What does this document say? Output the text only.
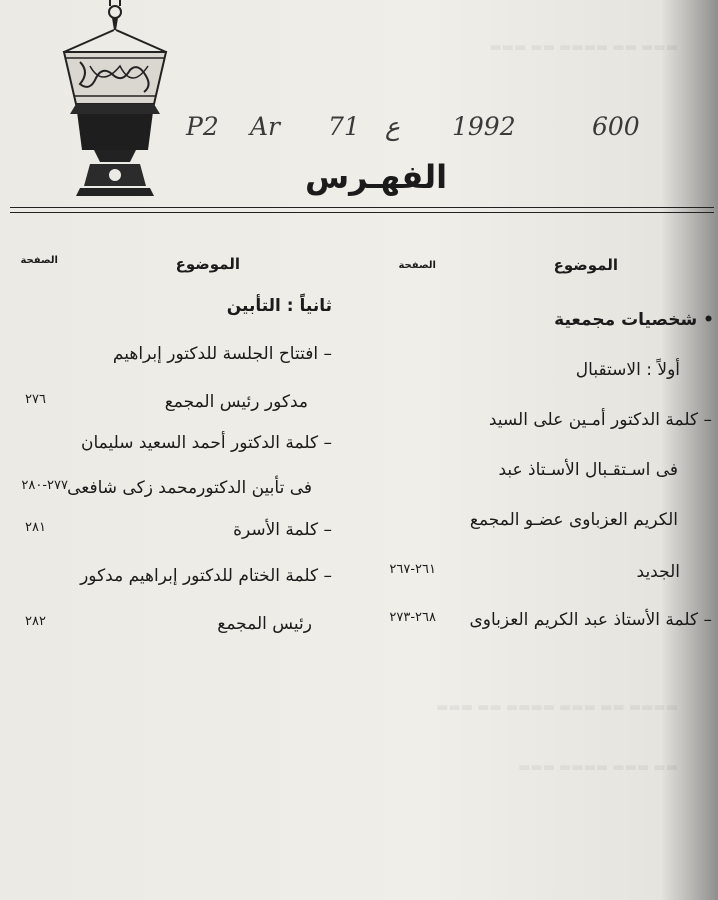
▬▬▬ ▬▬ ▬▬▬▬ ▬▬ ▬▬▬
▬▬▬▬ ▬▬ ▬▬▬ ▬▬▬▬ ▬▬ ▬▬▬
▬▬ ▬▬▬ ▬▬▬▬ ▬▬▬
P2 Ar 71 ع 1992	600
الفهـرس
الموضوع
الصفحة
الموضوع
الصفحة
• شخصيات مجمعية
أولاً : الاستقبال
– كلمة الدكتور أمـين على السيد
فى اسـتقـبال الأسـتاذ عبد
الكريم العزباوى عضـو المجمع
الجديد
٢٦١-٢٦٧
– كلمة الأستاذ عبد الكريم العزباوى
٢٦٨-٢٧٣
ثانياً : التأبين
– افتتاح الجلسة للدكتور إبراهيم
مدكور رئيس المجمع
٢٧٦
– كلمة الدكتور أحمد السعيد سليمان
فى تأبين الدكتورمحمد زكى شافعى
٢٧٧-٢٨٠
– كلمة الأسرة
٢٨١
– كلمة الختام للدكتور إبراهيم مدكور
رئيس المجمع
٢٨٢
